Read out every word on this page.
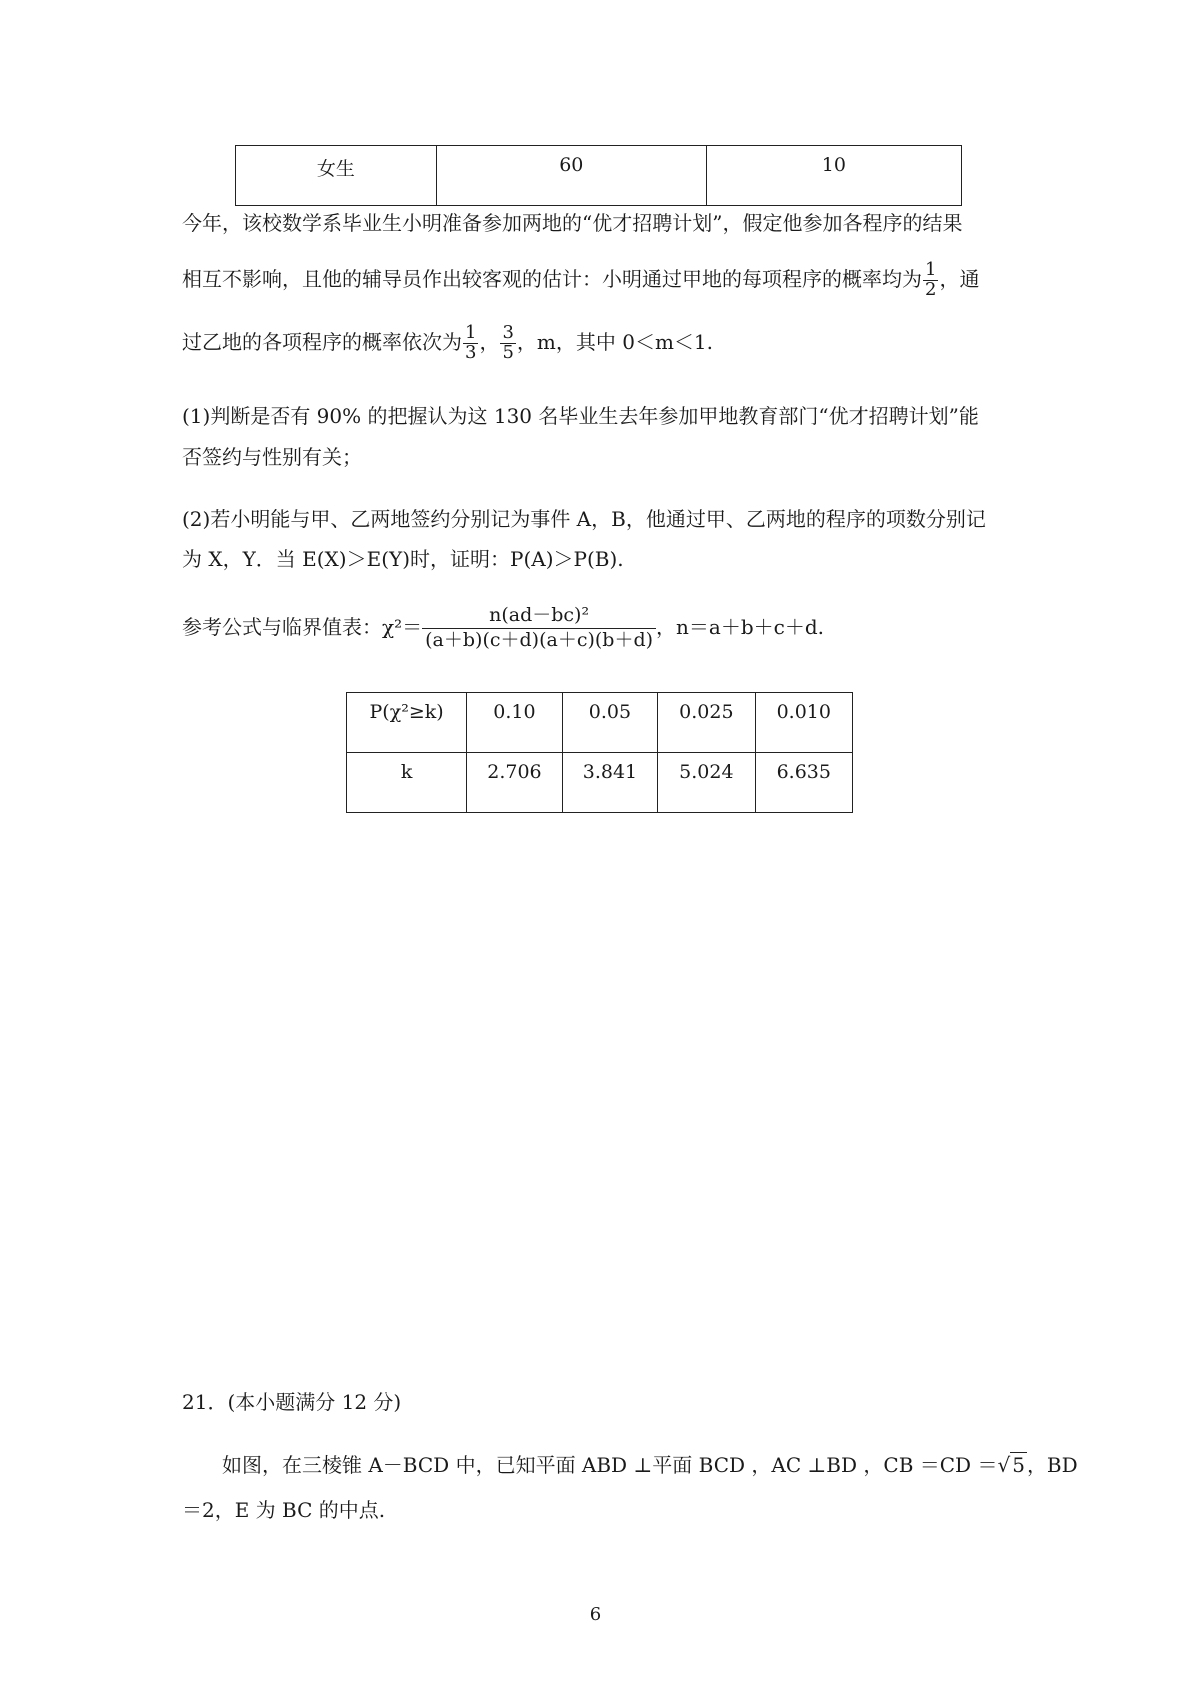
女生	60	10
今年，该校数学系毕业生小明准备参加两地的“优才招聘计划”，假定他参加各程序的结果
相互不影响，且他的辅导员作出较客观的估计：小明通过甲地的每项程序的概率均为 $\frac{1}{2}$ ，通
过乙地的各项程序的概率依次为 $\frac{1}{3}$ ， $\frac{3}{5}$ ，m，其中 0＜m＜1.
(1)判断是否有 90% 的把握认为这 130 名毕业生去年参加甲地教育部门“优才招聘计划”能
否签约与性别有关；
(2)若小明能与甲、乙两地签约分别记为事件 A，B，他通过甲、乙两地的程序的项数分别记
为 X，Y．当 E(X)＞E(Y)时，证明：P(A)＞P(B).
参考公式与临界值表：$\chi^2= \frac{\text{n(ad－bc)²}}{(a+b)(c+d)(a+c)(b+d)}$ ，n＝a＋b＋c＋d.
P(χ²≥k)	0.10	0.05	0.025	0.010
k	2.706	3.841	5.024	6.635
21．(本小题满分 12 分)
如图，在三棱锥 A－BCD 中，已知平面 ABD ⊥平面 BCD ，AC ⊥BD ，CB ＝CD ＝√ 5 ，BD
＝2，E 为 BC 的中点.
6
